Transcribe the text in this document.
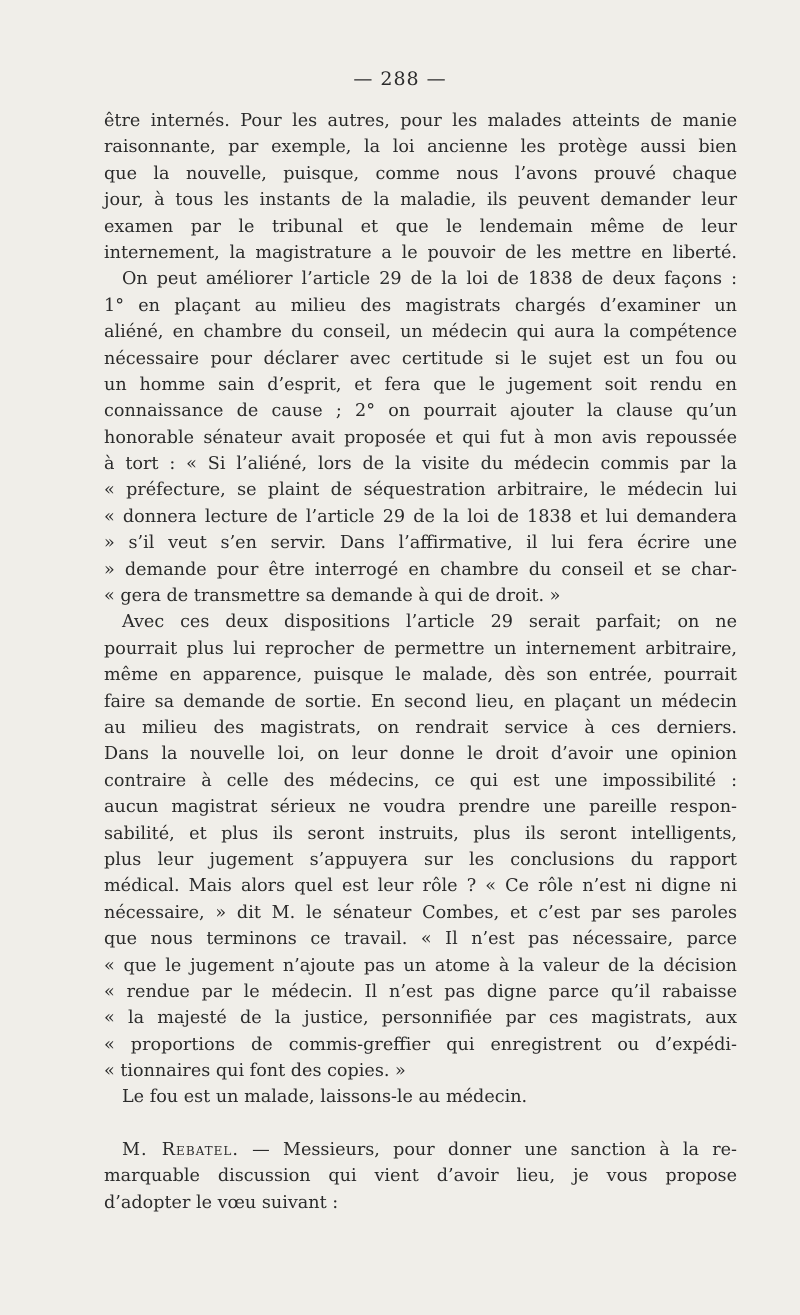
— 288 —
être internés. Pour les autres, pour les malades atteints de manie
raisonnante, par exemple, la loi ancienne les protège aussi bien
que la nouvelle, puisque, comme nous l’avons prouvé chaque
jour, à tous les instants de la maladie, ils peuvent demander leur
examen par le tribunal et que le lendemain même de leur
internement, la magistrature a le pouvoir de les mettre en liberté.
On peut améliorer l’article 29 de la loi de 1838 de deux façons :
1° en plaçant au milieu des magistrats chargés d’examiner un
aliéné, en chambre du conseil, un médecin qui aura la compétence
nécessaire pour déclarer avec certitude si le sujet est un fou ou
un homme sain d’esprit, et fera que le jugement soit rendu en
connaissance de cause ; 2° on pourrait ajouter la clause qu’un
honorable sénateur avait proposée et qui fut à mon avis repoussée
à tort : « Si l’aliéné, lors de la visite du médecin commis par la
« préfecture, se plaint de séquestration arbitraire, le médecin lui
« donnera lecture de l’article 29 de la loi de 1838 et lui demandera
» s’il veut s’en servir. Dans l’affirmative, il lui fera écrire une
» demande pour être interrogé en chambre du conseil et se char-
« gera de transmettre sa demande à qui de droit. »
Avec ces deux dispositions l’article 29 serait parfait; on ne
pourrait plus lui reprocher de permettre un internement arbitraire,
même en apparence, puisque le malade, dès son entrée, pourrait
faire sa demande de sortie. En second lieu, en plaçant un médecin
au milieu des magistrats, on rendrait service à ces derniers.
Dans la nouvelle loi, on leur donne le droit d’avoir une opinion
contraire à celle des médecins, ce qui est une impossibilité :
aucun magistrat sérieux ne voudra prendre une pareille respon-
sabilité, et plus ils seront instruits, plus ils seront intelligents,
plus leur jugement s’appuyera sur les conclusions du rapport
médical. Mais alors quel est leur rôle ? « Ce rôle n’est ni digne ni
nécessaire, » dit M. le sénateur Combes, et c’est par ses paroles
que nous terminons ce travail. « Il n’est pas nécessaire, parce
« que le jugement n’ajoute pas un atome à la valeur de la décision
« rendue par le médecin. Il n’est pas digne parce qu’il rabaisse
« la majesté de la justice, personnifiée par ces magistrats, aux
« proportions de commis-greffier qui enregistrent ou d’expédi-
« tionnaires qui font des copies. »
Le fou est un malade, laissons-le au médecin.
M. Rebatel. — Messieurs, pour donner une sanction à la re-
marquable discussion qui vient d’avoir lieu, je vous propose
d’adopter le vœu suivant :
